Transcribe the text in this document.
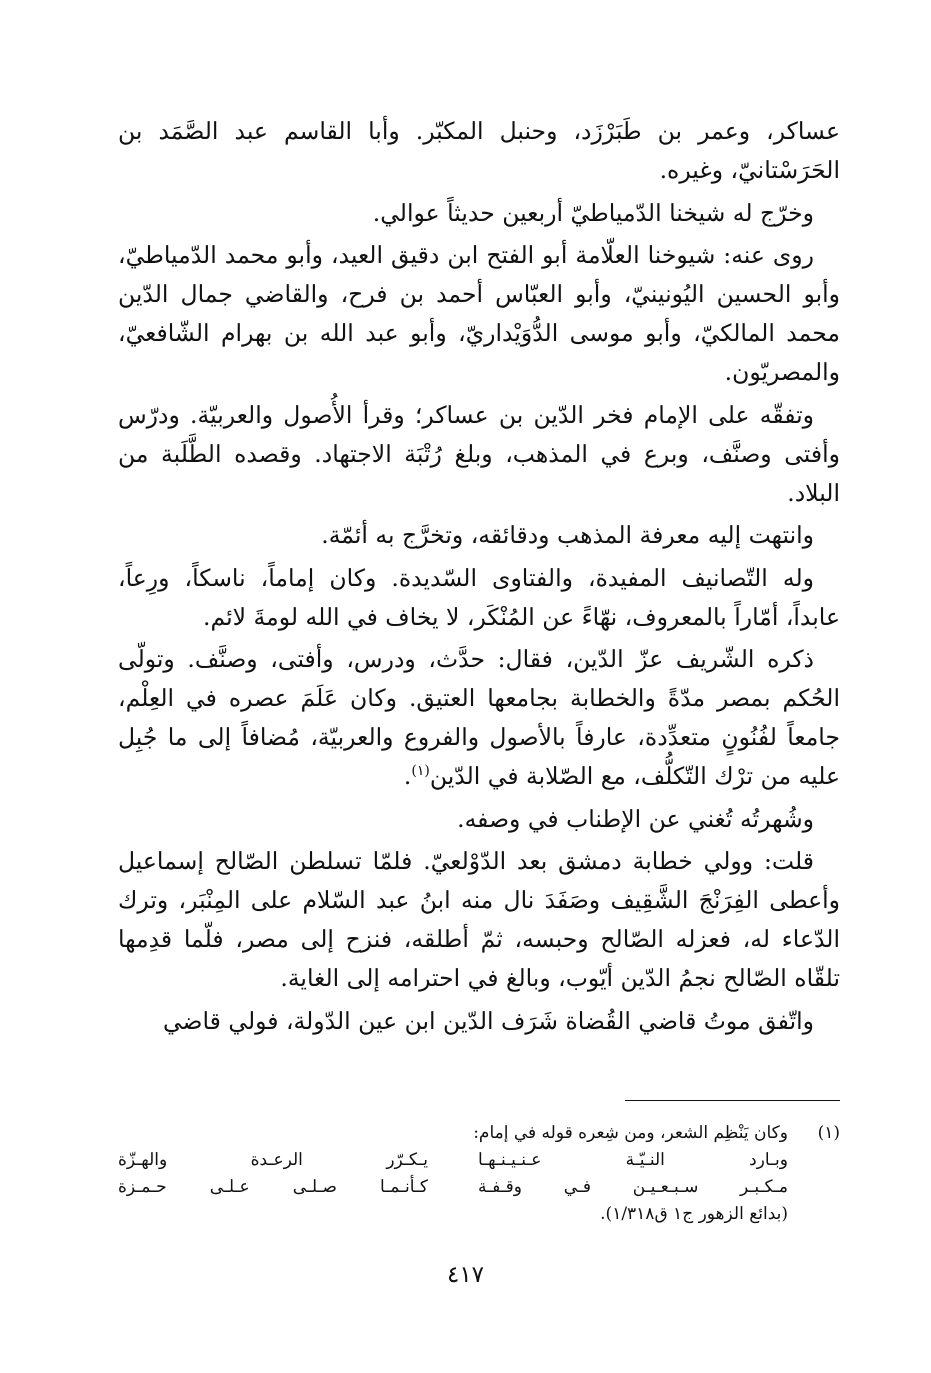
عساكر، وعمر بن طَبَرْزَد، وحنبل المكبّر. وأبا القاسم عبد الصَّمَد بن الحَرَسْتانيّ، وغيره.

وخرّج له شيخنا الدّمياطيّ أربعين حديثاً عوالي.

روى عنه: شيوخنا العلّامة أبو الفتح ابن دقيق العيد، وأبو محمد الدّمياطيّ، وأبو الحسين اليُونينيّ، وأبو العبّاس أحمد بن فرح، والقاضي جمال الدّين محمد المالكيّ، وأبو موسى الدُّوَيْداريّ، وأبو عبد الله بن بهرام الشّافعيّ، والمصريّون.

وتفقّه على الإمام فخر الدّين بن عساكر؛ وقرأ الأُصول والعربيّة. ودرّس وأفتى وصنَّف، وبرع في المذهب، وبلغ رُتْبَة الاجتهاد. وقصده الطَّلَبة من البلاد.

وانتهت إليه معرفة المذهب ودقائقه، وتخرَّج به أئمّة.

وله التّصانيف المفيدة، والفتاوى السّديدة. وكان إماماً، ناسكاً، ورِعاً، عابداً، أمّاراً بالمعروف، نهّاءً عن المُنْكَر، لا يخاف في الله لومةَ لائم.

ذكره الشّريف عزّ الدّين، فقال: حدَّث، ودرس، وأفتى، وصنَّف. وتولّى الحُكم بمصر مدّةً والخطابة بجامعها العتيق. وكان عَلَمَ عصره في العِلْم، جامعاً لفُنُونٍ متعدِّدة، عارفاً بالأصول والفروع والعربيّة، مُضافاً إلى ما جُبِل عليه من ترْك التّكلُّف، مع الصّلابة في الدّين$^{(١)}$.

وشُهرتُه تُغني عن الإطناب في وصفه.

قلت: وولي خطابة دمشق بعد الدّوْلعيّ. فلمّا تسلطن الصّالح إسماعيل وأعطى الفِرَنْجَ الشَّقِيف وصَفَدَ نال منه ابنُ عبد السّلام على المِنْبَر، وترك الدّعاء له، فعزله الصّالح وحبسه، ثمّ أطلقه، فنزح إلى مصر، فلّما قدِمها تلقّاه الصّالح نجمُ الدّين أيّوب، وبالغ في احترامه إلى الغاية.

واتّفق موتُ قاضي القُضاة شَرَف الدّين ابن عين الدّولة، فولي قاضي

(١)
وكان يَنْظِم الشعر، ومن شِعره قوله في إمام:
وبـارد النـيّـة عـنـيـنـهـا
يـكـرّر الرعـدة والهـزّة
مـكـبـر سـبـعـيـن فـي وقـفـة
كـأنـمـا صـلـى عـلـى حـمـزة
(بدائع الزهور ج١ ق١/٣١٨).
٤١٧
